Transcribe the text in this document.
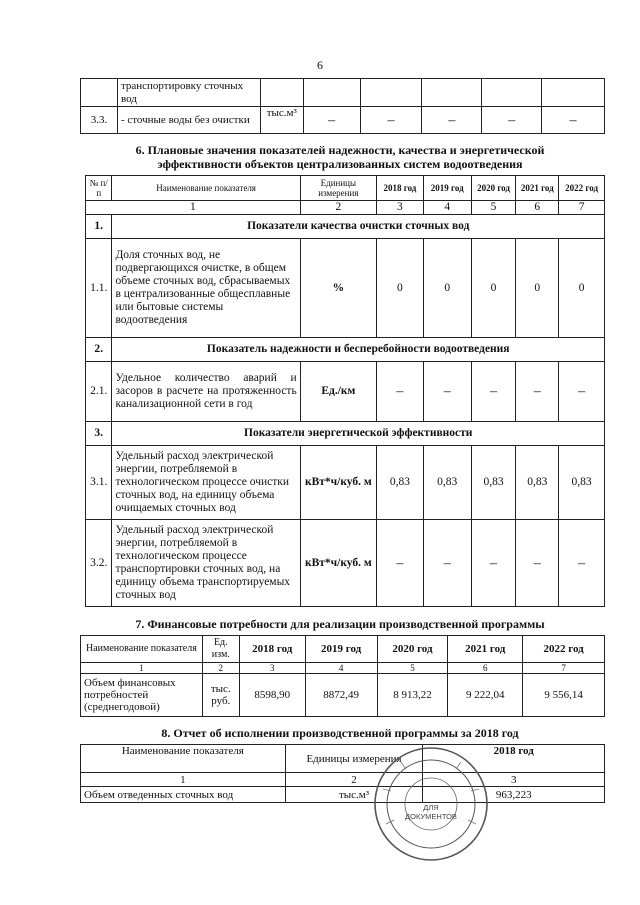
6
	транспортировку сточных вод						
3.3.	- сточные воды без очистки	тыс.м³	–	–	–	–	–
6. Плановые значения показателей надежности, качества и энергетической
эффективности объектов централизованных систем водоотведения
№ п/п	Наименование показателя	Единицы измерения	2018 год	2019 год	2020 год	2021 год	2022 год
1		2	3	4	5	6	7
1.	Показатели качества очистки сточных вод						
1.1.	Доля сточных вод, не подвергающихся очистке, в общем объеме сточных вод, сбрасываемых в централизованные общесплавные или бытовые системы водоотведения	%	0	0	0	0	0
2.	Показатель надежности и бесперебойности водоотведения						
2.1.	Удельное количество аварий и засоров в расчете на протяженность канализационной сети в год	Ед./км	–	–	–	–	–
3.	Показатели энергетичеcкой эффективности						
3.1.	Удельный расход электрической энергии, потребляемой в технологическом процессе очистки сточных вод, на единицу объема очищаемых сточных вод	кВт*ч/куб. м	0,83	0,83	0,83	0,83	0,83
3.2.	Удельный расход электрической энергии, потребляемой в технологическом процессе транспортировки сточных вод, на единицу объема транспортируемых сточных вод	кВт*ч/куб. м	–	–	–	–	–
7. Финансовые потребности для реализации производственной программы
Наименование показателя	Ед. изм.	2018 год	2019 год	2020 год	2021 год	2022 год
1	2	3	4	5	6	7
Объем финансовых потребностей (среднегодовой)	тыс. руб.	8598,90	8872,49	8 913,22	9 222,04	9 556,14
8. Отчет об исполнении производственной программы за 2018 год
Наименование показателя	Единицы измерения	2018 год
1	2	3
Объем отведенных сточных вод	тыс.м³	963,223
ДЛЯ
ДОКУМЕНТОВ
